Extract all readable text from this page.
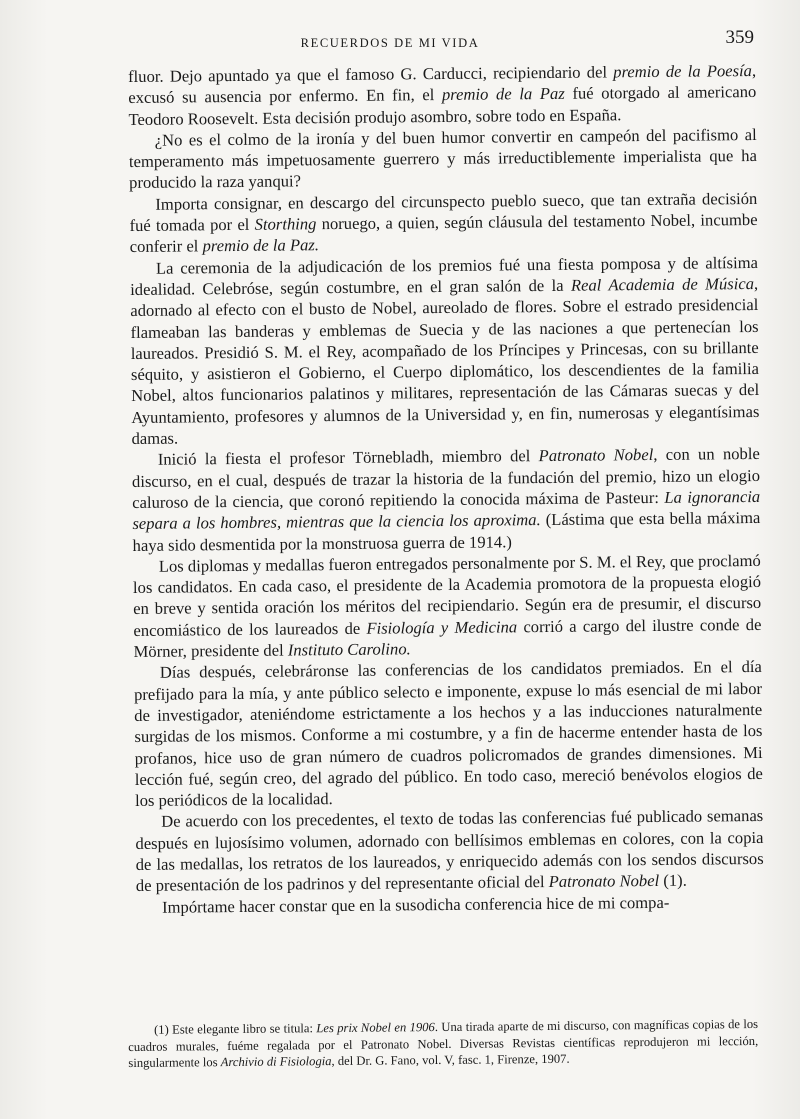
RECUERDOS DE MI VIDA	359

fluor. Dejo apuntado ya que el famoso G. Carducci, recipiendario del premio de la Poesía, excusó su ausencia por enfermo. En fin, el premio de la Paz fué otorgado al americano Teodoro Roosevelt. Esta decisión produjo asombro, sobre todo en España.

¿No es el colmo de la ironía y del buen humor convertir en campeón del pacifismo al temperamento más impetuosamente guerrero y más irreductiblemente imperialista que ha producido la raza yanqui?

Importa consignar, en descargo del circunspecto pueblo sueco, que tan extraña decisión fué tomada por el Storthing noruego, a quien, según cláusula del testamento Nobel, incumbe conferir el premio de la Paz.

La ceremonia de la adjudicación de los premios fué una fiesta pomposa y de altísima idealidad. Celebróse, según costumbre, en el gran salón de la Real Academia de Música, adornado al efecto con el busto de Nobel, aureolado de flores. Sobre el estrado presidencial flameaban las banderas y emblemas de Suecia y de las naciones a que pertenecían los laureados. Presidió S. M. el Rey, acompañado de los Príncipes y Princesas, con su brillante séquito, y asistieron el Gobierno, el Cuerpo diplomático, los descendientes de la familia Nobel, altos funcionarios palatinos y militares, representación de las Cámaras suecas y del Ayuntamiento, profesores y alumnos de la Universidad y, en fin, numerosas y elegantísimas damas.

Inició la fiesta el profesor Törnebladh, miembro del Patronato Nobel, con un noble discurso, en el cual, después de trazar la historia de la fundación del premio, hizo un elogio caluroso de la ciencia, que coronó repitiendo la conocida máxima de Pasteur: La ignorancia separa a los hombres, mientras que la ciencia los aproxima. (Lástima que esta bella máxima haya sido desmentida por la monstruosa guerra de 1914.)

Los diplomas y medallas fueron entregados personalmente por S. M. el Rey, que proclamó los candidatos. En cada caso, el presidente de la Academia promotora de la propuesta elogió en breve y sentida oración los méritos del recipiendario. Según era de presumir, el discurso encomiástico de los laureados de Fisiología y Medicina corrió a cargo del ilustre conde de Mörner, presidente del Instituto Carolino.

Días después, celebráronse las conferencias de los candidatos premiados. En el día prefijado para la mía, y ante público selecto e imponente, expuse lo más esencial de mi labor de investigador, ateniéndome estrictamente a los hechos y a las inducciones naturalmente surgidas de los mismos. Conforme a mi costumbre, y a fin de hacerme entender hasta de los profanos, hice uso de gran número de cuadros policromados de grandes dimensiones. Mi lección fué, según creo, del agrado del público. En todo caso, mereció benévolos elogios de los periódicos de la localidad.

De acuerdo con los precedentes, el texto de todas las conferencias fué publicado semanas después en lujosísimo volumen, adornado con bellísimos emblemas en colores, con la copia de las medallas, los retratos de los laureados, y enriquecido además con los sendos discursos de presentación de los padrinos y del representante oficial del Patronato Nobel (1).

Impórtame hacer constar que en la susodicha conferencia hice de mi compa-

(1) Este elegante libro se titula: Les prix Nobel en 1906. Una tirada aparte de mi discurso, con magníficas copias de los cuadros murales, fuéme regalada por el Patronato Nobel. Diversas Revistas científicas reprodujeron mi lección, singularmente los Archivio di Fisiologia, del Dr. G. Fano, vol. V, fasc. 1, Firenze, 1907.
